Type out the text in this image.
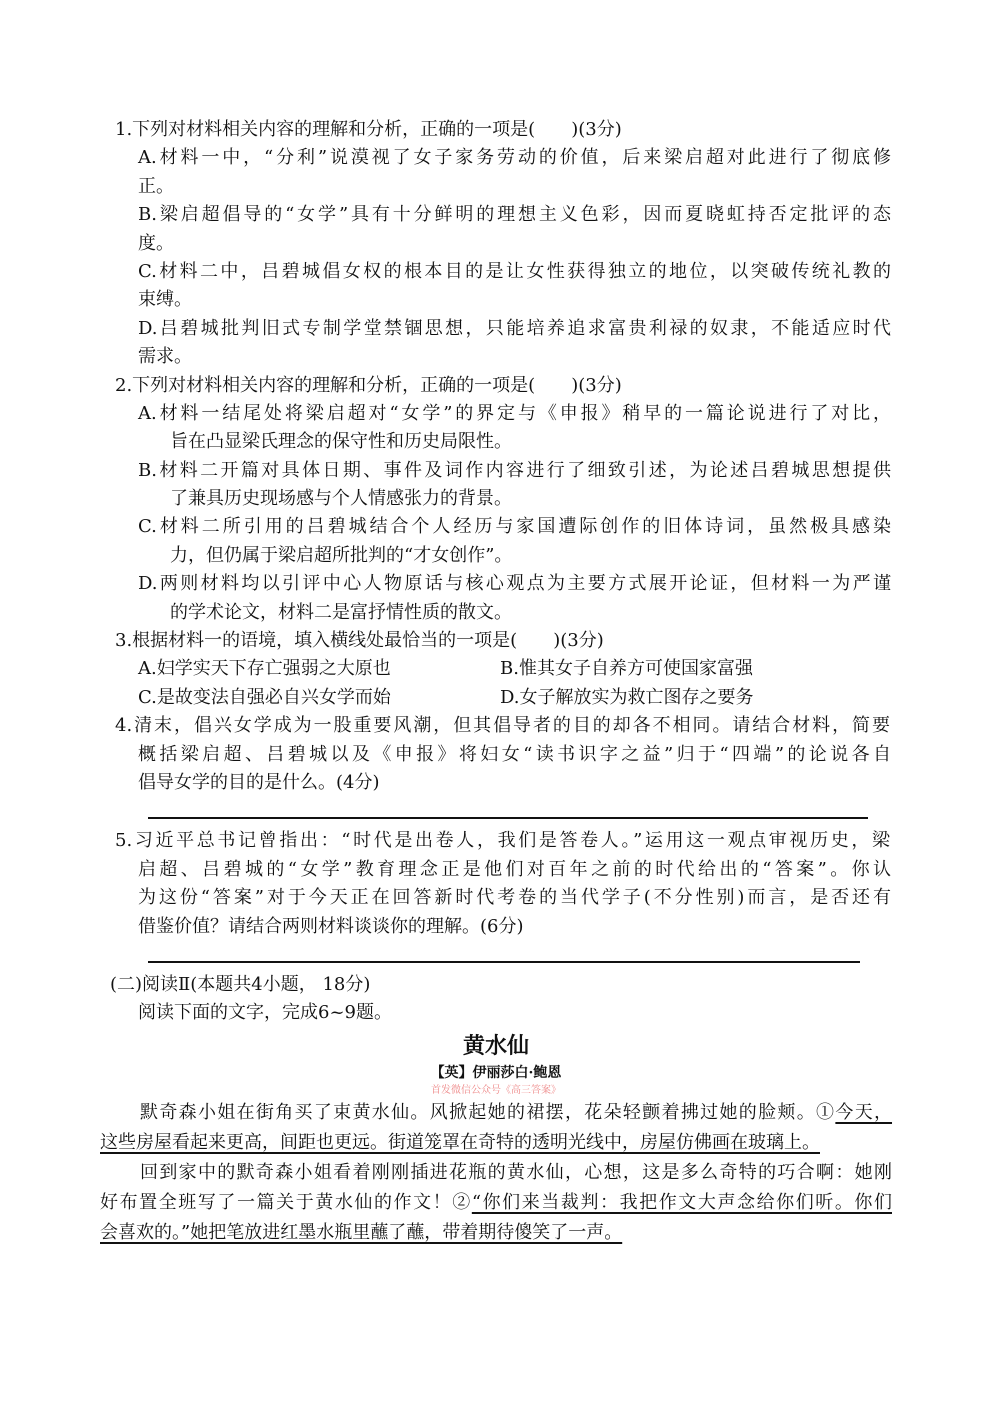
1.下列对材料相关内容的理解和分析，正确的一项是(　　)(3分)
A.材料一中，“分利”说漠视了女子家务劳动的价值，后来梁启超对此进行了彻底修
正。
B.梁启超倡导的“女学”具有十分鲜明的理想主义色彩，因而夏晓虹持否定批评的态
度。
C.材料二中，吕碧城倡女权的根本目的是让女性获得独立的地位，以突破传统礼教的
束缚。
D.吕碧城批判旧式专制学堂禁锢思想，只能培养追求富贵利禄的奴隶，不能适应时代
需求。
2.下列对材料相关内容的理解和分析，正确的一项是(　　)(3分)
A.材料一结尾处将梁启超对“女学”的界定与《申报》稍早的一篇论说进行了对比，
旨在凸显梁氏理念的保守性和历史局限性。
B.材料二开篇对具体日期、事件及词作内容进行了细致引述，为论述吕碧城思想提供
了兼具历史现场感与个人情感张力的背景。
C.材料二所引用的吕碧城结合个人经历与家国遭际创作的旧体诗词，虽然极具感染
力，但仍属于梁启超所批判的“才女创作”。
D.两则材料均以引评中心人物原话与核心观点为主要方式展开论证，但材料一为严谨
的学术论文，材料二是富抒情性质的散文。
3.根据材料一的语境，填入横线处最恰当的一项是(　　)(3分)
A.妇学实天下存亡强弱之大原也	B.惟其女子自养方可使国家富强
C.是故变法自强必自兴女学而始	D.女子解放实为救亡图存之要务
4.清末，倡兴女学成为一股重要风潮，但其倡导者的目的却各不相同。请结合材料，简要
概括梁启超、吕碧城以及《申报》将妇女“读书识字之益”归于“四端”的论说各自
倡导女学的目的是什么。(4分)
5.习近平总书记曾指出：“时代是出卷人，我们是答卷人。”运用这一观点审视历史，梁
启超、吕碧城的“女学”教育理念正是他们对百年之前的时代给出的“答案”。你认
为这份“答案”对于今天正在回答新时代考卷的当代学子(不分性别)而言，是否还有
借鉴价值？请结合两则材料谈谈你的理解。(6分)
(二)阅读Ⅱ(本题共4小题， 18分)
阅读下面的文字，完成6~9题。
黄水仙
【英】伊丽莎白·鲍恩
首发微信公众号《高三答案》
默奇森小姐在街角买了束黄水仙。风掀起她的裙摆，花朵轻颤着拂过她的脸颊。①今天，
这些房屋看起来更高，间距也更远。街道笼罩在奇特的透明光线中，房屋仿佛画在玻璃上。
回到家中的默奇森小姐看着刚刚插进花瓶的黄水仙，心想，这是多么奇特的巧合啊：她刚
好布置全班写了一篇关于黄水仙的作文！②“你们来当裁判：我把作文大声念给你们听。你们
会喜欢的。”她把笔放进红墨水瓶里蘸了蘸，带着期待傻笑了一声。
